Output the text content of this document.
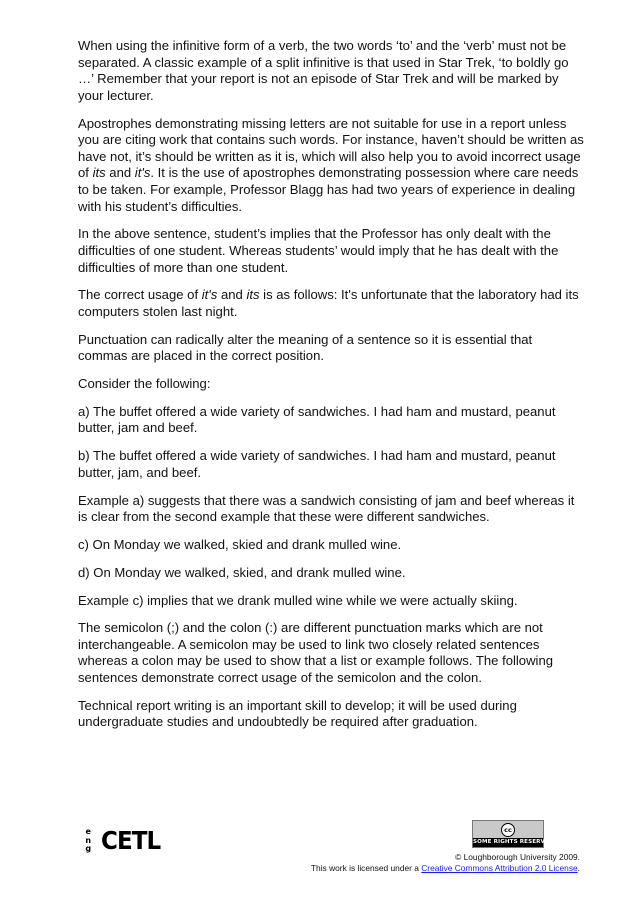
When using the infinitive form of a verb, the two words ‘to’ and the ‘verb’ must not be separated. A classic example of a split infinitive is that used in Star Trek, ‘to boldly go …’ Remember that your report is not an episode of Star Trek and will be marked by your lecturer.

Apostrophes demonstrating missing letters are not suitable for use in a report unless you are citing work that contains such words. For instance, haven’t should be written as have not, it’s should be written as it is, which will also help you to avoid incorrect usage of its and it's. It is the use of apostrophes demonstrating possession where care needs to be taken. For example, Professor Blagg has had two years of experience in dealing with his student’s difficulties.

In the above sentence, student’s implies that the Professor has only dealt with the difficulties of one student. Whereas students’ would imply that he has dealt with the difficulties of more than one student.

The correct usage of it's and its is as follows: It's unfortunate that the laboratory had its computers stolen last night.

Punctuation can radically alter the meaning of a sentence so it is essential that commas are placed in the correct position.

Consider the following:

a) The buffet offered a wide variety of sandwiches. I had ham and mustard, peanut butter, jam and beef.

b) The buffet offered a wide variety of sandwiches. I had ham and mustard, peanut butter, jam, and beef.

Example a) suggests that there was a sandwich consisting of jam and beef whereas it is clear from the second example that these were different sandwiches.

c) On Monday we walked, skied and drank mulled wine.

d) On Monday we walked, skied, and drank mulled wine.

Example c) implies that we drank mulled wine while we were actually skiing.

The semicolon (;) and the colon (:) are different punctuation marks which are not interchangeable. A semicolon may be used to link two closely related sentences whereas a colon may be used to show that a list or example follows. The following sentences demonstrate correct usage of the semicolon and the colon.

Technical report writing is an important skill to develop; it will be used during undergraduate studies and undoubtedly be required after graduation.

e
n
g CETL	cc
SOME RIGHTS RESERVED
© Loughborough University 2009.
This work is licensed under a Creative Commons Attribution 2.0 License.
